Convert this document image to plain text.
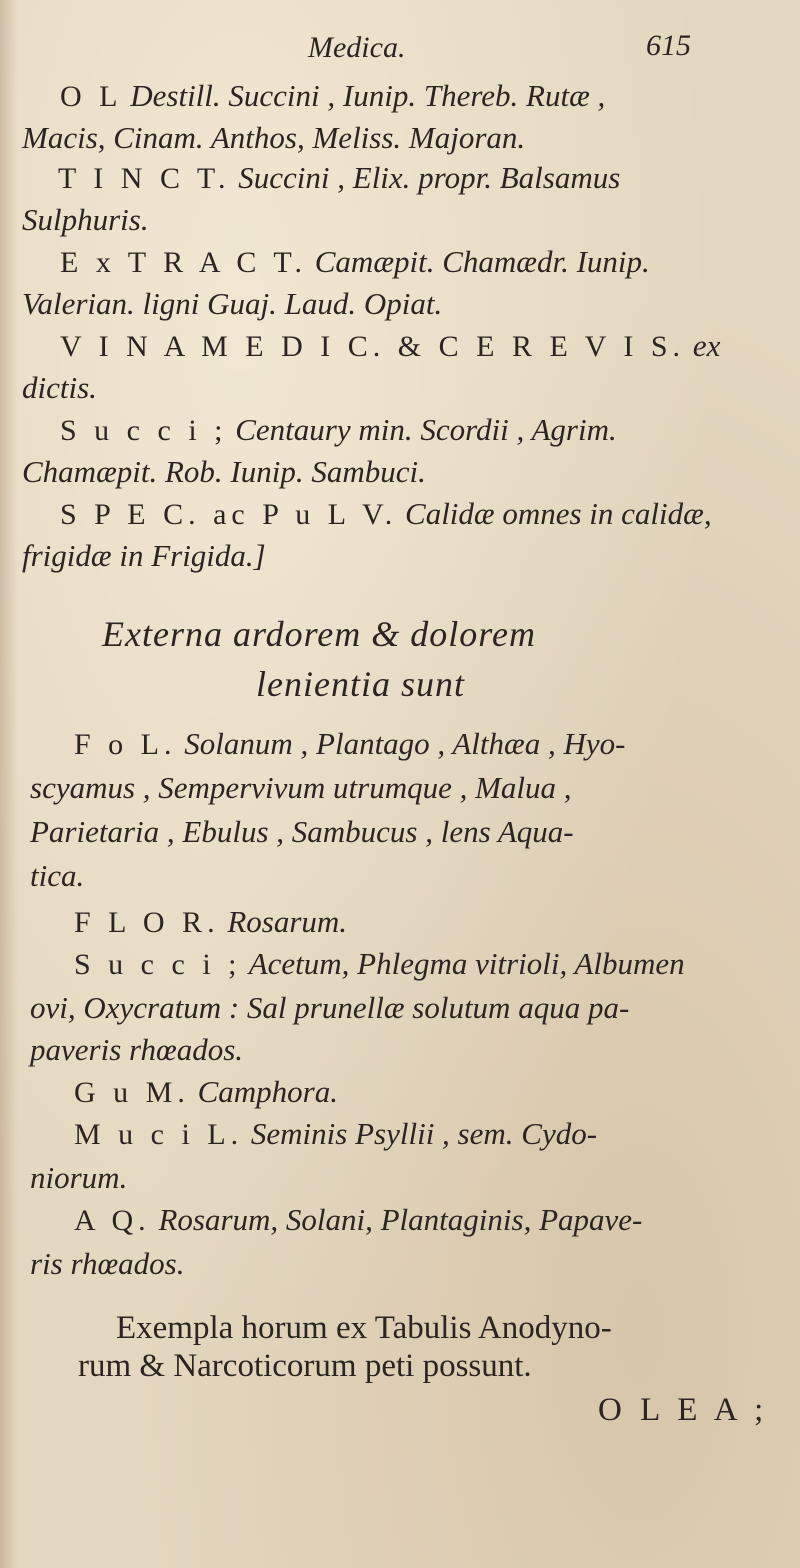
Medica.	615
O L Destill. Succini , Iunip. Thereb. Rutæ ,
Macis, Cinam. Anthos, Meliss. Majoran.
T I N C T. Succini , Elix. propr. Balsamus
Sulphuris.
E x T R A C T. Camæpit. Chamædr. Iunip.
Valerian. ligni Guaj. Laud. Opiat.
V I N A M E D I C. & C E R E V I S. ex
dictis.
S u c c i ; Centaury min. Scordii , Agrim.
Chamæpit. Rob. Iunip. Sambuci.
S P E C. ac P u L V. Calidæ omnes in calidæ,
frigidæ in Frigida.]
Externa ardorem & dolorem
lenientia sunt
F o L. Solanum , Plantago , Althæa , Hyo-
scyamus , Sempervivum utrumque , Malua ,
Parietaria , Ebulus , Sambucus , lens Aqua-
tica.
F L O R. Rosarum.
S u c c i ; Acetum, Phlegma vitrioli, Albumen
ovi, Oxycratum : Sal prunellæ solutum aqua pa-
paveris rhœados.
G u M. Camphora.
M u c i L. Seminis Psyllii , sem. Cydo-
niorum.
A Q. Rosarum, Solani, Plantaginis, Papave-
ris rhœados.
Exempla horum ex Tabulis Anodyno-
rum & Narcoticorum peti possunt.
O L E A ;
